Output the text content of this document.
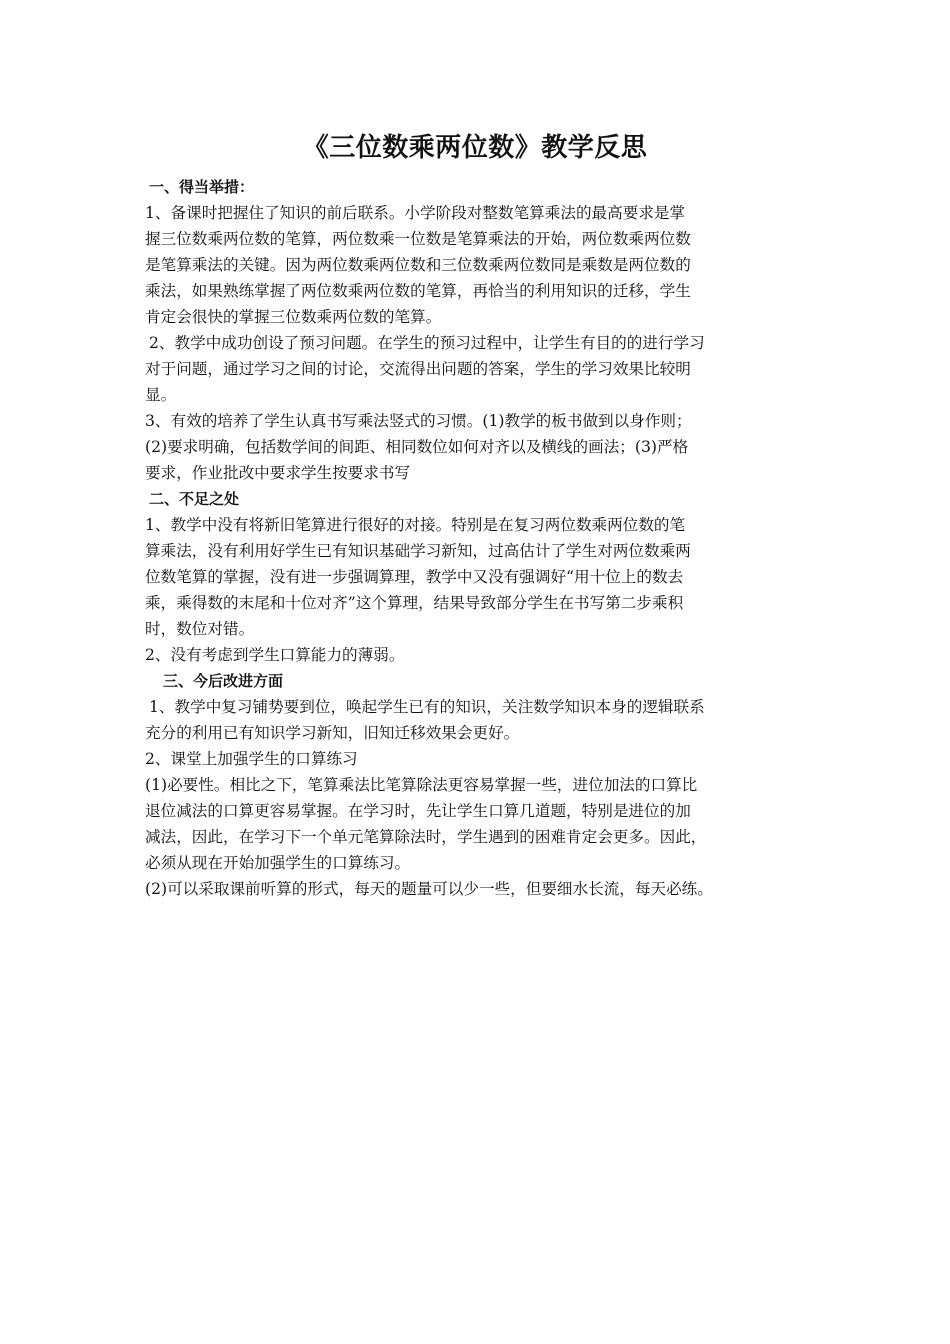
《三位数乘两位数》教学反思
一、得当举措：
1、备课时把握住了知识的前后联系。小学阶段对整数笔算乘法的最高要求是掌
握三位数乘两位数的笔算，两位数乘一位数是笔算乘法的开始，两位数乘两位数
是笔算乘法的关键。因为两位数乘两位数和三位数乘两位数同是乘数是两位数的
乘法，如果熟练掌握了两位数乘两位数的笔算，再恰当的利用知识的迁移，学生
肯定会很快的掌握三位数乘两位数的笔算。
2、教学中成功创设了预习问题。在学生的预习过程中，让学生有目的的进行学习
对于问题，通过学习之间的讨论，交流得出问题的答案，学生的学习效果比较明
显。
3、有效的培养了学生认真书写乘法竖式的习惯。(1)教学的板书做到以身作则；
(2)要求明确，包括数学间的间距、相同数位如何对齐以及横线的画法；(3)严格
要求，作业批改中要求学生按要求书写
二、不足之处
1、教学中没有将新旧笔算进行很好的对接。特别是在复习两位数乘两位数的笔
算乘法，没有利用好学生已有知识基础学习新知，过高估计了学生对两位数乘两
位数笔算的掌握，没有进一步强调算理，教学中又没有强调好“用十位上的数去
乘，乘得数的末尾和十位对齐”这个算理，结果导致部分学生在书写第二步乘积
时，数位对错。
2、没有考虑到学生口算能力的薄弱。
三、今后改进方面
1、教学中复习铺势要到位，唤起学生已有的知识，关注数学知识本身的逻辑联系
充分的利用已有知识学习新知，旧知迁移效果会更好。
2、课堂上加强学生的口算练习
(1)必要性。相比之下，笔算乘法比笔算除法更容易掌握一些，进位加法的口算比
退位减法的口算更容易掌握。在学习时，先让学生口算几道题，特别是进位的加
减法，因此，在学习下一个单元笔算除法时，学生遇到的困难肯定会更多。因此，
必须从现在开始加强学生的口算练习。
(2)可以采取课前听算的形式，每天的题量可以少一些，但要细水长流，每天必练。
